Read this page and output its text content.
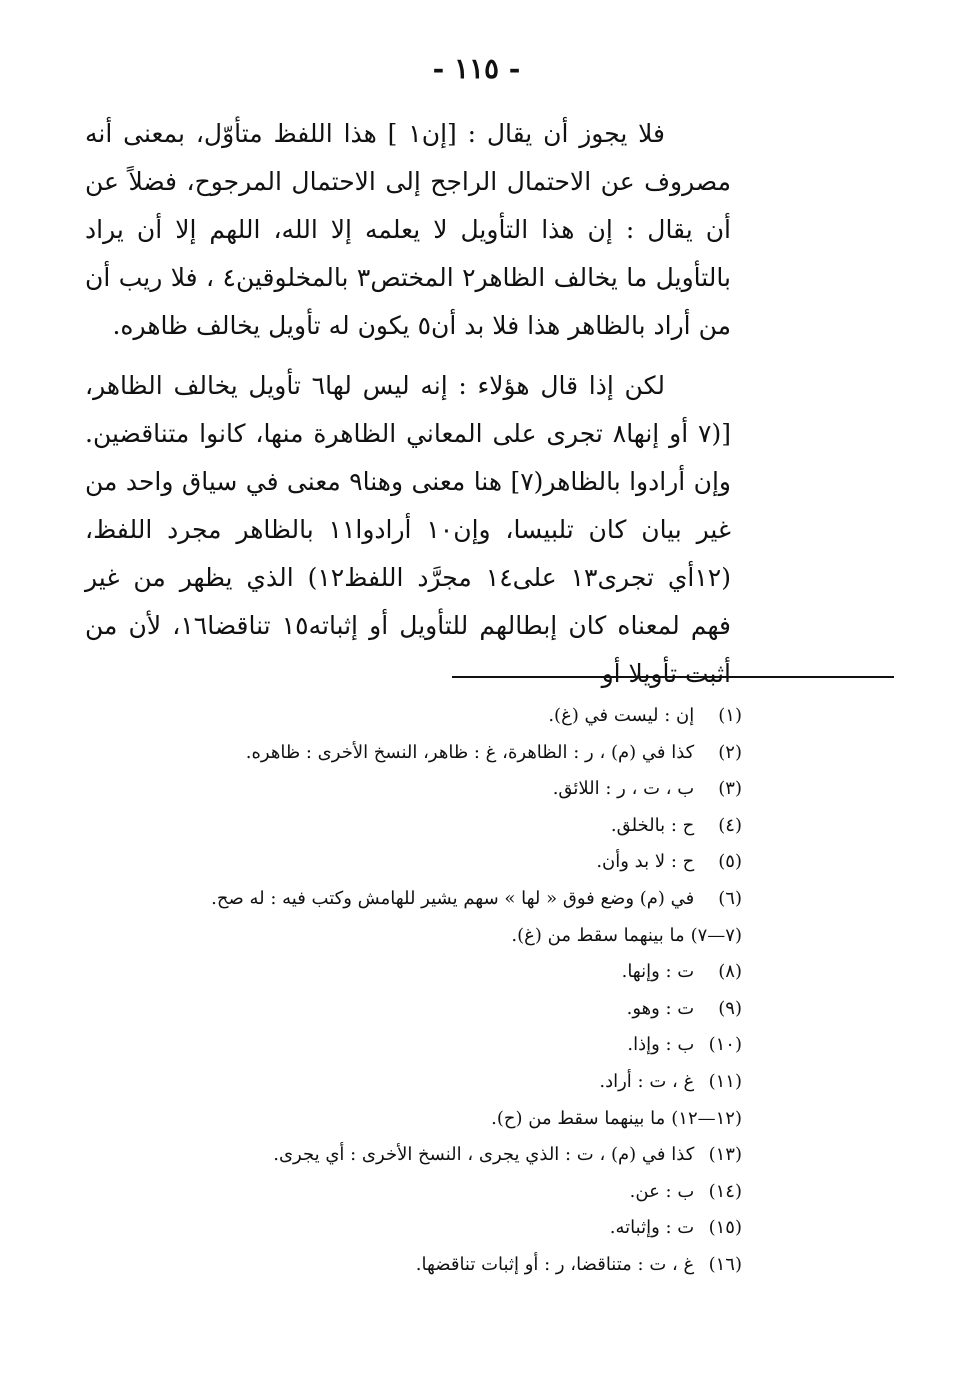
- ١١٥ -

فلا يجوز أن يقال : [إن١ ] هذا اللفظ متأوّل، بمعنى أنه مصروف عن الاحتمال الراجح إلى الاحتمال المرجوح، فضلاً عن أن يقال : إن هذا التأويل لا يعلمه إلا الله، اللهم إلا أن يراد بالتأويل ما يخالف الظاهر٢ المختص٣ بالمخلوقين٤ ، فلا ريب أن من أراد بالظاهر هذا فلا بد أن٥ يكون له تأويل يخالف ظاهره.

لكن إذا قال هؤلاء : إنه ليس لها٦ تأويل يخالف الظاهر، [(٧ أو إنها٨ تجرى على المعاني الظاهرة منها، كانوا متناقضين. وإن أرادوا بالظاهر(٧] هنا معنى وهنا٩ معنى في سياق واحد من غير بيان كان تلبيسا، وإن١٠ أرادوا١١ بالظاهر مجرد اللفظ، (١٢أي تجرى١٣ على١٤ مجرَّد اللفظ١٢) الذي يظهر من غير فهم لمعناه كان إبطالهم للتأويل أو إثباته١٥ تناقضا١٦، لأن من أثبت تأويلا أو

(١) إن : ليست في (غ).
(٢) كذا في (م) ، ر : الظاهرة، غ : ظاهر، النسخ الأخرى : ظاهره.
(٣) ب ، ت ، ر : اللائق.
(٤) ح : بالخلق.
(٥) ح : لا بد وأن.
(٦) في (م) وضع فوق « لها » سهم يشير للهامش وكتب فيه : له صح.
(٧—٧)ما بينهما سقط من (غ).
(٨) ت : وإنها.
(٩) ت : وهو.
(١٠) ب : وإذا.
(١١) غ ، ت : أراد.
(١٢—١٢)ما بينهما سقط من (ح).
(١٣) كذا في (م) ، ت : الذي يجرى ، النسخ الأخرى : أي يجرى.
(١٤) ب : عن.
(١٥) ت : وإثباته.
(١٦) غ ، ت : متناقضا، ر : أو إثبات تناقضها.
